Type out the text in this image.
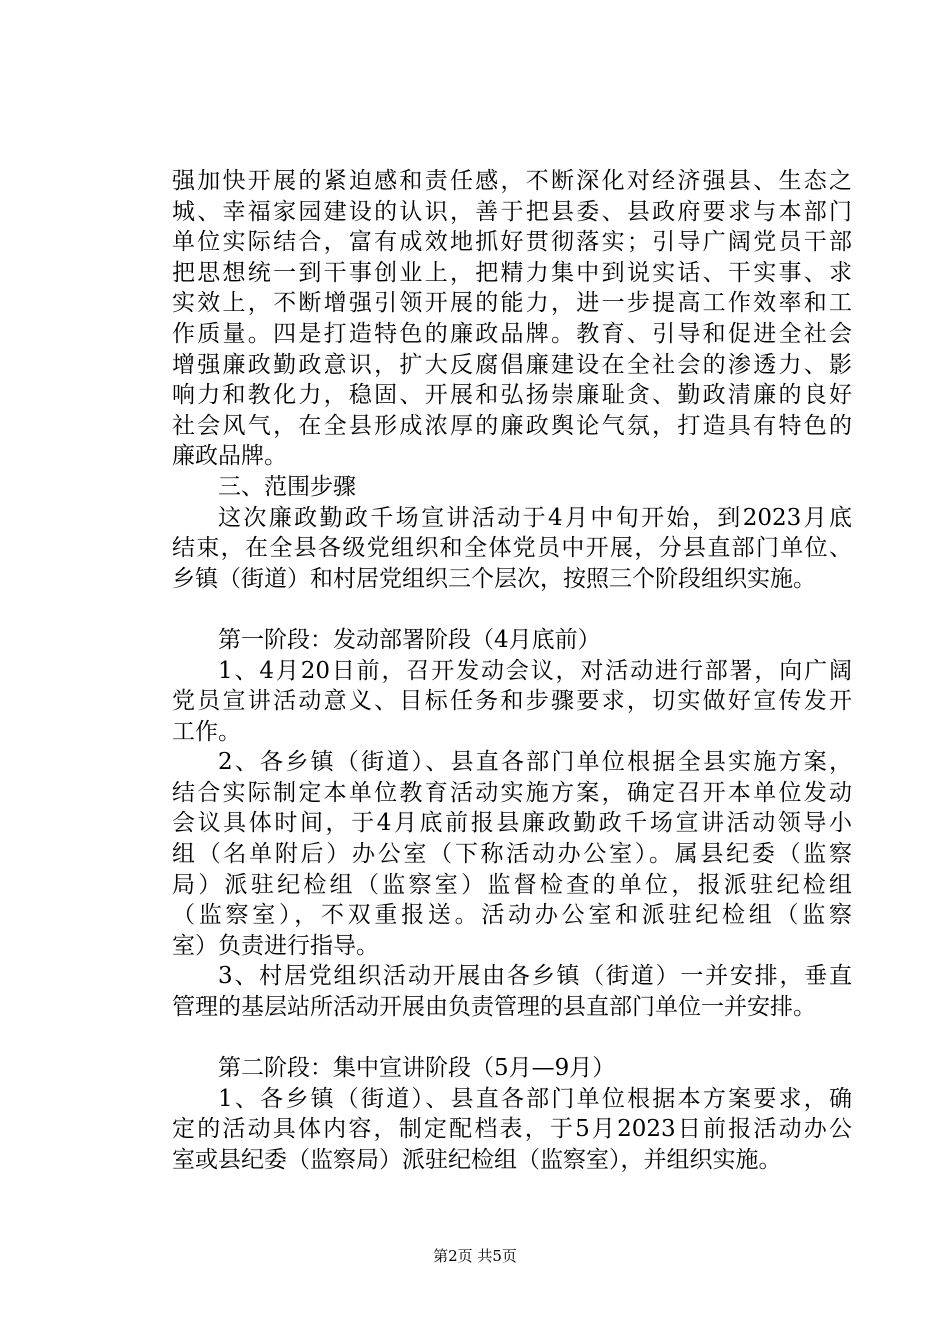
强加快开展的紧迫感和责任感，不断深化对经济强县、生态之
城、幸福家园建设的认识，善于把县委、县政府要求与本部门
单位实际结合，富有成效地抓好贯彻落实；引导广阔党员干部
把思想统一到干事创业上，把精力集中到说实话、干实事、求
实效上，不断增强引领开展的能力，进一步提高工作效率和工
作质量。四是打造特色的廉政品牌。教育、引导和促进全社会
增强廉政勤政意识，扩大反腐倡廉建设在全社会的渗透力、影
响力和教化力，稳固、开展和弘扬崇廉耻贪、勤政清廉的良好
社会风气，在全县形成浓厚的廉政舆论气氛，打造具有特色的
廉政品牌。
三、范围步骤
这次廉政勤政千场宣讲活动于4月中旬开始，到2023月底
结束，在全县各级党组织和全体党员中开展，分县直部门单位、
乡镇（街道）和村居党组织三个层次，按照三个阶段组织实施。
第一阶段：发动部署阶段（4月底前）
1、4月20日前，召开发动会议，对活动进行部署，向广阔
党员宣讲活动意义、目标任务和步骤要求，切实做好宣传发开
工作。
2、各乡镇（街道）、县直各部门单位根据全县实施方案，
结合实际制定本单位教育活动实施方案，确定召开本单位发动
会议具体时间，于4月底前报县廉政勤政千场宣讲活动领导小
组（名单附后）办公室（下称活动办公室）。属县纪委（监察
局）派驻纪检组（监察室）监督检查的单位，报派驻纪检组
（监察室），不双重报送。活动办公室和派驻纪检组（监察
室）负责进行指导。
3、村居党组织活动开展由各乡镇（街道）一并安排，垂直
管理的基层站所活动开展由负责管理的县直部门单位一并安排。
第二阶段：集中宣讲阶段（5月—9月）
1、各乡镇（街道）、县直各部门单位根据本方案要求，确
定的活动具体内容，制定配档表，于5月2023日前报活动办公
室或县纪委（监察局）派驻纪检组（监察室），并组织实施。
第2页 共5页
